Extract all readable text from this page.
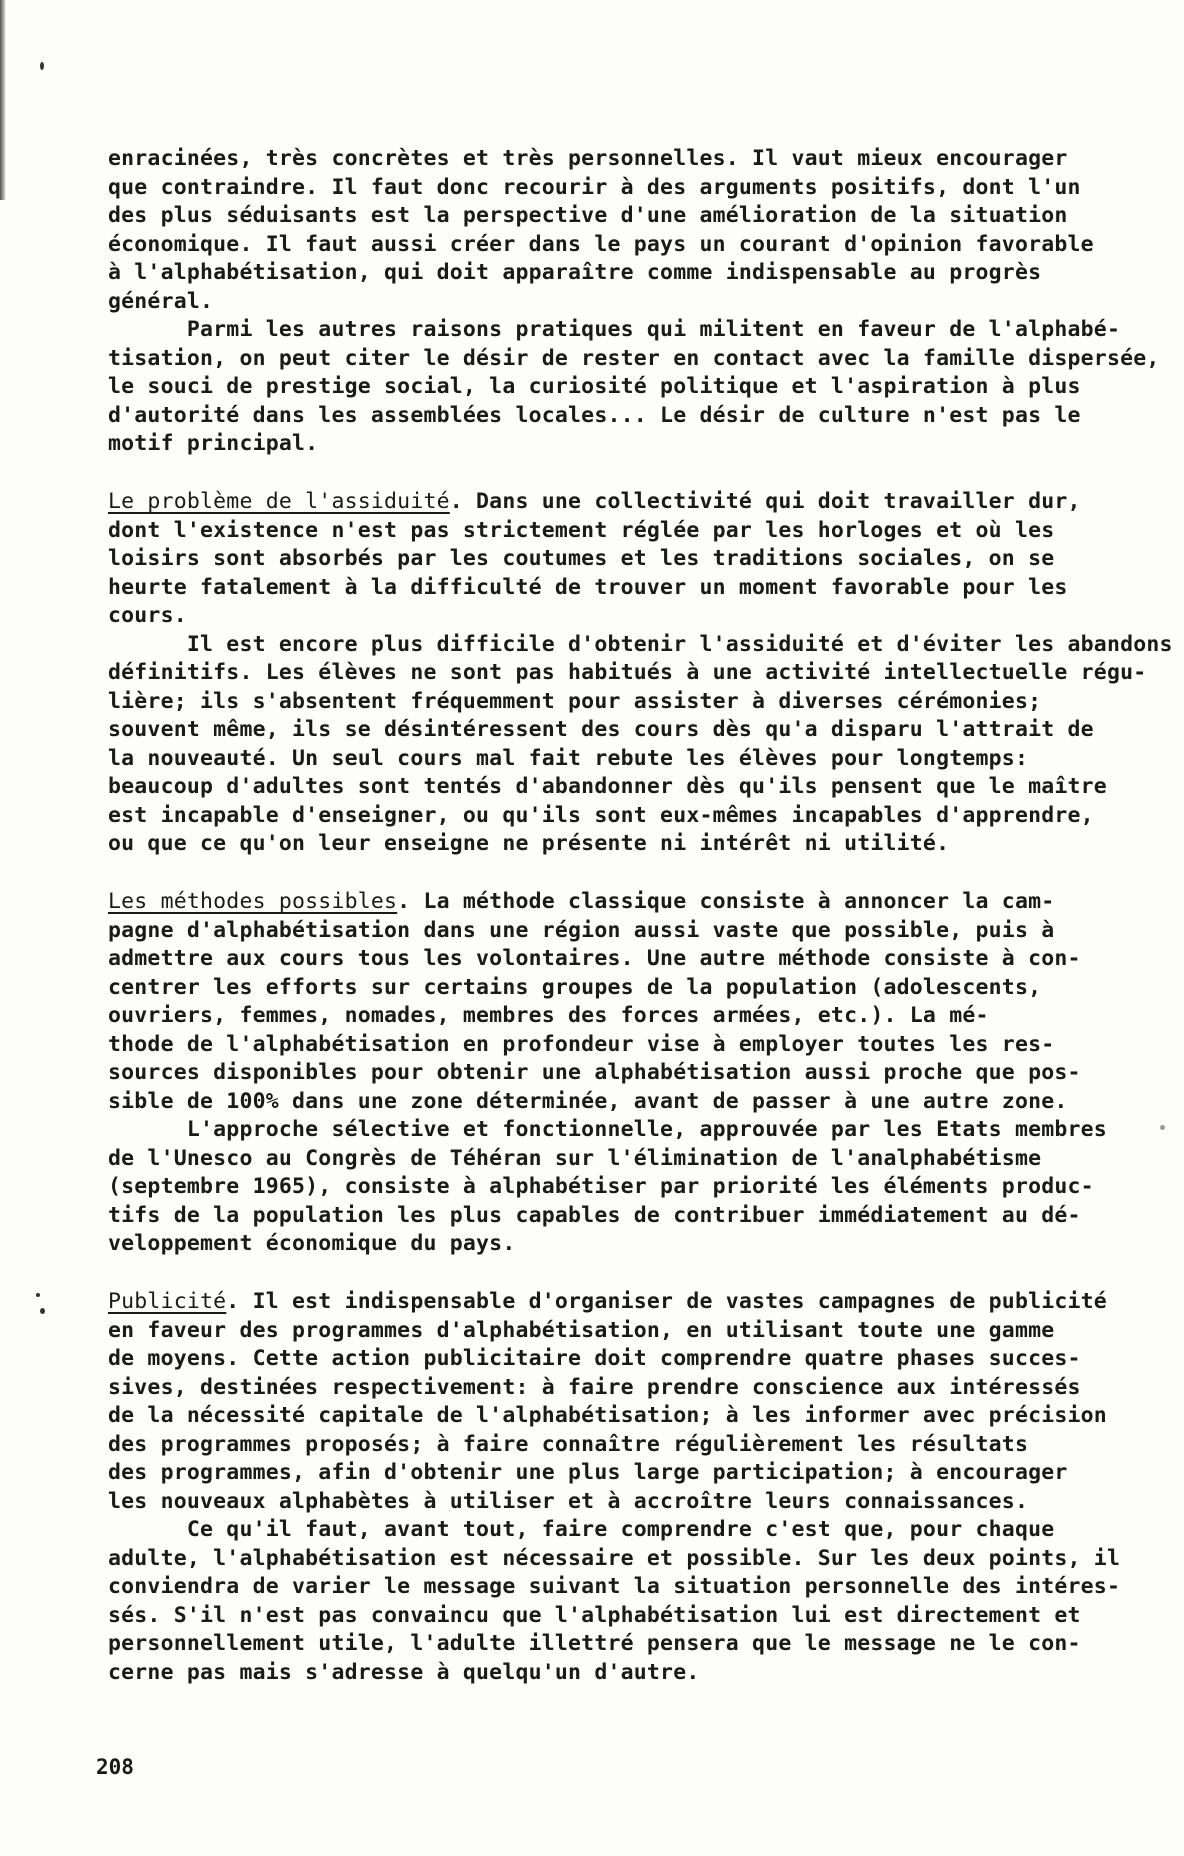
enracinées, très concrètes et très personnelles. Il vaut mieux encourager
que contraindre. Il faut donc recourir à des arguments positifs, dont l'un
des plus séduisants est la perspective d'une amélioration de la situation
économique. Il faut aussi créer dans le pays un courant d'opinion favorable
à l'alphabétisation, qui doit apparaître comme indispensable au progrès
général.
Parmi les autres raisons pratiques qui militent en faveur de l'alphabé-
tisation, on peut citer le désir de rester en contact avec la famille dispersée,
le souci de prestige social, la curiosité politique et l'aspiration à plus
d'autorité dans les assemblées locales... Le désir de culture n'est pas le
motif principal.
Le problème de l'assiduité. Dans une collectivité qui doit travailler dur,
dont l'existence n'est pas strictement réglée par les horloges et où les
loisirs sont absorbés par les coutumes et les traditions sociales, on se
heurte fatalement à la difficulté de trouver un moment favorable pour les
cours.
Il est encore plus difficile d'obtenir l'assiduité et d'éviter les abandons
définitifs. Les élèves ne sont pas habitués à une activité intellectuelle régu-
lière; ils s'absentent fréquemment pour assister à diverses cérémonies;
souvent même, ils se désintéressent des cours dès qu'a disparu l'attrait de
la nouveauté. Un seul cours mal fait rebute les élèves pour longtemps:
beaucoup d'adultes sont tentés d'abandonner dès qu'ils pensent que le maître
est incapable d'enseigner, ou qu'ils sont eux-mêmes incapables d'apprendre,
ou que ce qu'on leur enseigne ne présente ni intérêt ni utilité.
Les méthodes possibles. La méthode classique consiste à annoncer la cam-
pagne d'alphabétisation dans une région aussi vaste que possible, puis à
admettre aux cours tous les volontaires. Une autre méthode consiste à con-
centrer les efforts sur certains groupes de la population (adolescents,
ouvriers, femmes, nomades, membres des forces armées, etc.). La mé-
thode de l'alphabétisation en profondeur vise à employer toutes les res-
sources disponibles pour obtenir une alphabétisation aussi proche que pos-
sible de 100% dans une zone déterminée, avant de passer à une autre zone.
L'approche sélective et fonctionnelle, approuvée par les Etats membres
de l'Unesco au Congrès de Téhéran sur l'élimination de l'analphabétisme
(septembre 1965), consiste à alphabétiser par priorité les éléments produc-
tifs de la population les plus capables de contribuer immédiatement au dé-
veloppement économique du pays.
Publicité. Il est indispensable d'organiser de vastes campagnes de publicité
en faveur des programmes d'alphabétisation, en utilisant toute une gamme
de moyens. Cette action publicitaire doit comprendre quatre phases succes-
sives, destinées respectivement: à faire prendre conscience aux intéressés
de la nécessité capitale de l'alphabétisation; à les informer avec précision
des programmes proposés; à faire connaître régulièrement les résultats
des programmes, afin d'obtenir une plus large participation; à encourager
les nouveaux alphabètes à utiliser et à accroître leurs connaissances.
Ce qu'il faut, avant tout, faire comprendre c'est que, pour chaque
adulte, l'alphabétisation est nécessaire et possible. Sur les deux points, il
conviendra de varier le message suivant la situation personnelle des intéres-
sés. S'il n'est pas convaincu que l'alphabétisation lui est directement et
personnellement utile, l'adulte illettré pensera que le message ne le con-
cerne pas mais s'adresse à quelqu'un d'autre.
208
